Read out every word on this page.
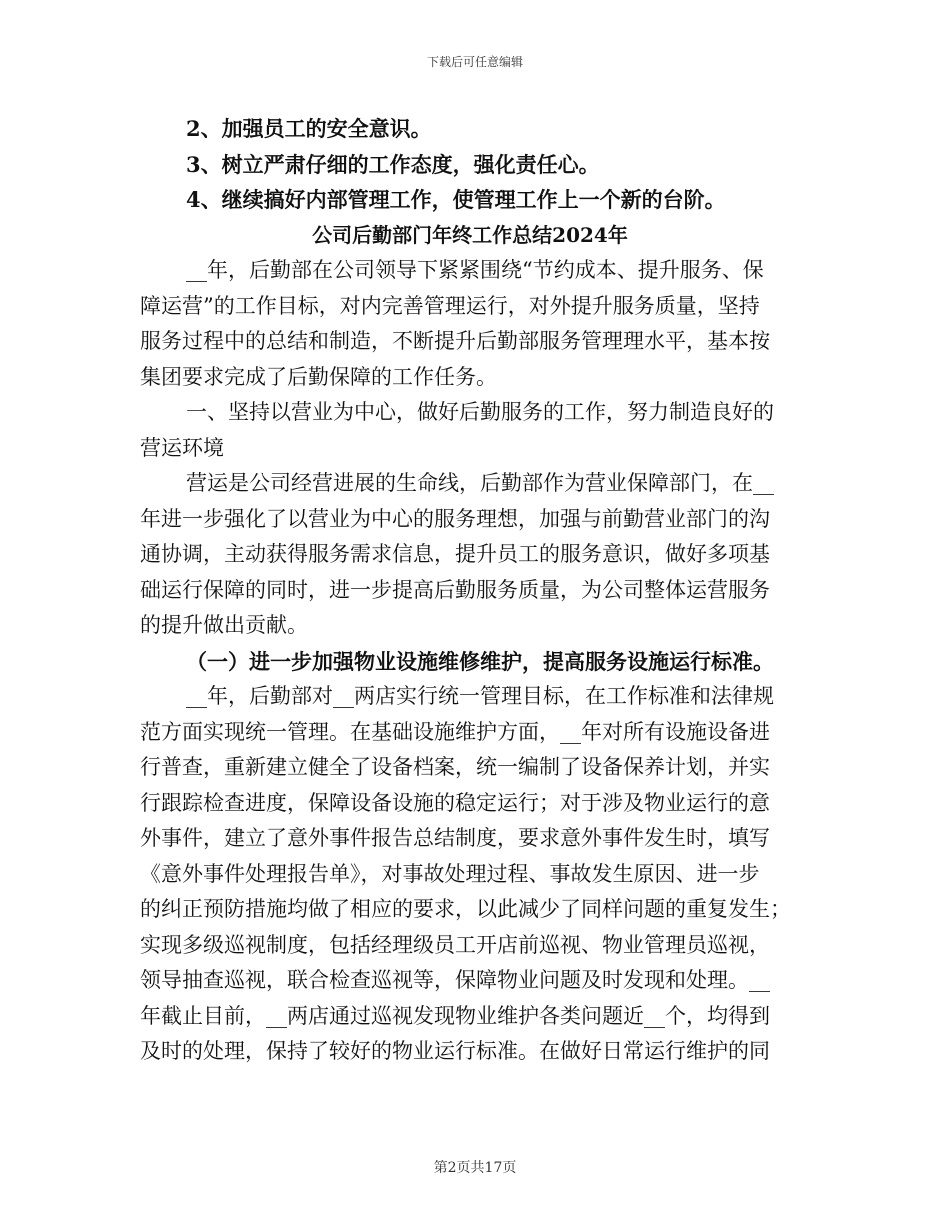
下载后可任意编辑
2、加强员工的安全意识。
3、树立严肃仔细的工作态度，强化责任心。
4、继续搞好内部管理工作，使管理工作上一个新的台阶。
公司后勤部门年终工作总结2024年
__年，后勤部在公司领导下紧紧围绕“节约成本、提升服务、保
障运营”的工作目标，对内完善管理运行，对外提升服务质量，坚持
服务过程中的总结和制造，不断提升后勤部服务管理理水平，基本按
集团要求完成了后勤保障的工作任务。
一、坚持以营业为中心，做好后勤服务的工作，努力制造良好的
营运环境
营运是公司经营进展的生命线，后勤部作为营业保障部门，在__
年进一步强化了以营业为中心的服务理想，加强与前勤营业部门的沟
通协调，主动获得服务需求信息，提升员工的服务意识，做好多项基
础运行保障的同时，进一步提高后勤服务质量，为公司整体运营服务
的提升做出贡献。
（一）进一步加强物业设施维修维护，提高服务设施运行标准。
__年，后勤部对__两店实行统一管理目标，在工作标准和法律规
范方面实现统一管理。在基础设施维护方面，__年对所有设施设备进
行普查，重新建立健全了设备档案，统一编制了设备保养计划，并实
行跟踪检查进度，保障设备设施的稳定运行；对于涉及物业运行的意
外事件，建立了意外事件报告总结制度，要求意外事件发生时，填写
《意外事件处理报告单》，对事故处理过程、事故发生原因、进一步
的纠正预防措施均做了相应的要求，以此减少了同样问题的重复发生；
实现多级巡视制度，包括经理级员工开店前巡视、物业管理员巡视，
领导抽查巡视，联合检查巡视等，保障物业问题及时发现和处理。__
年截止目前，__两店通过巡视发现物业维护各类问题近__个，均得到
及时的处理，保持了较好的物业运行标准。在做好日常运行维护的同
第2页共17页
